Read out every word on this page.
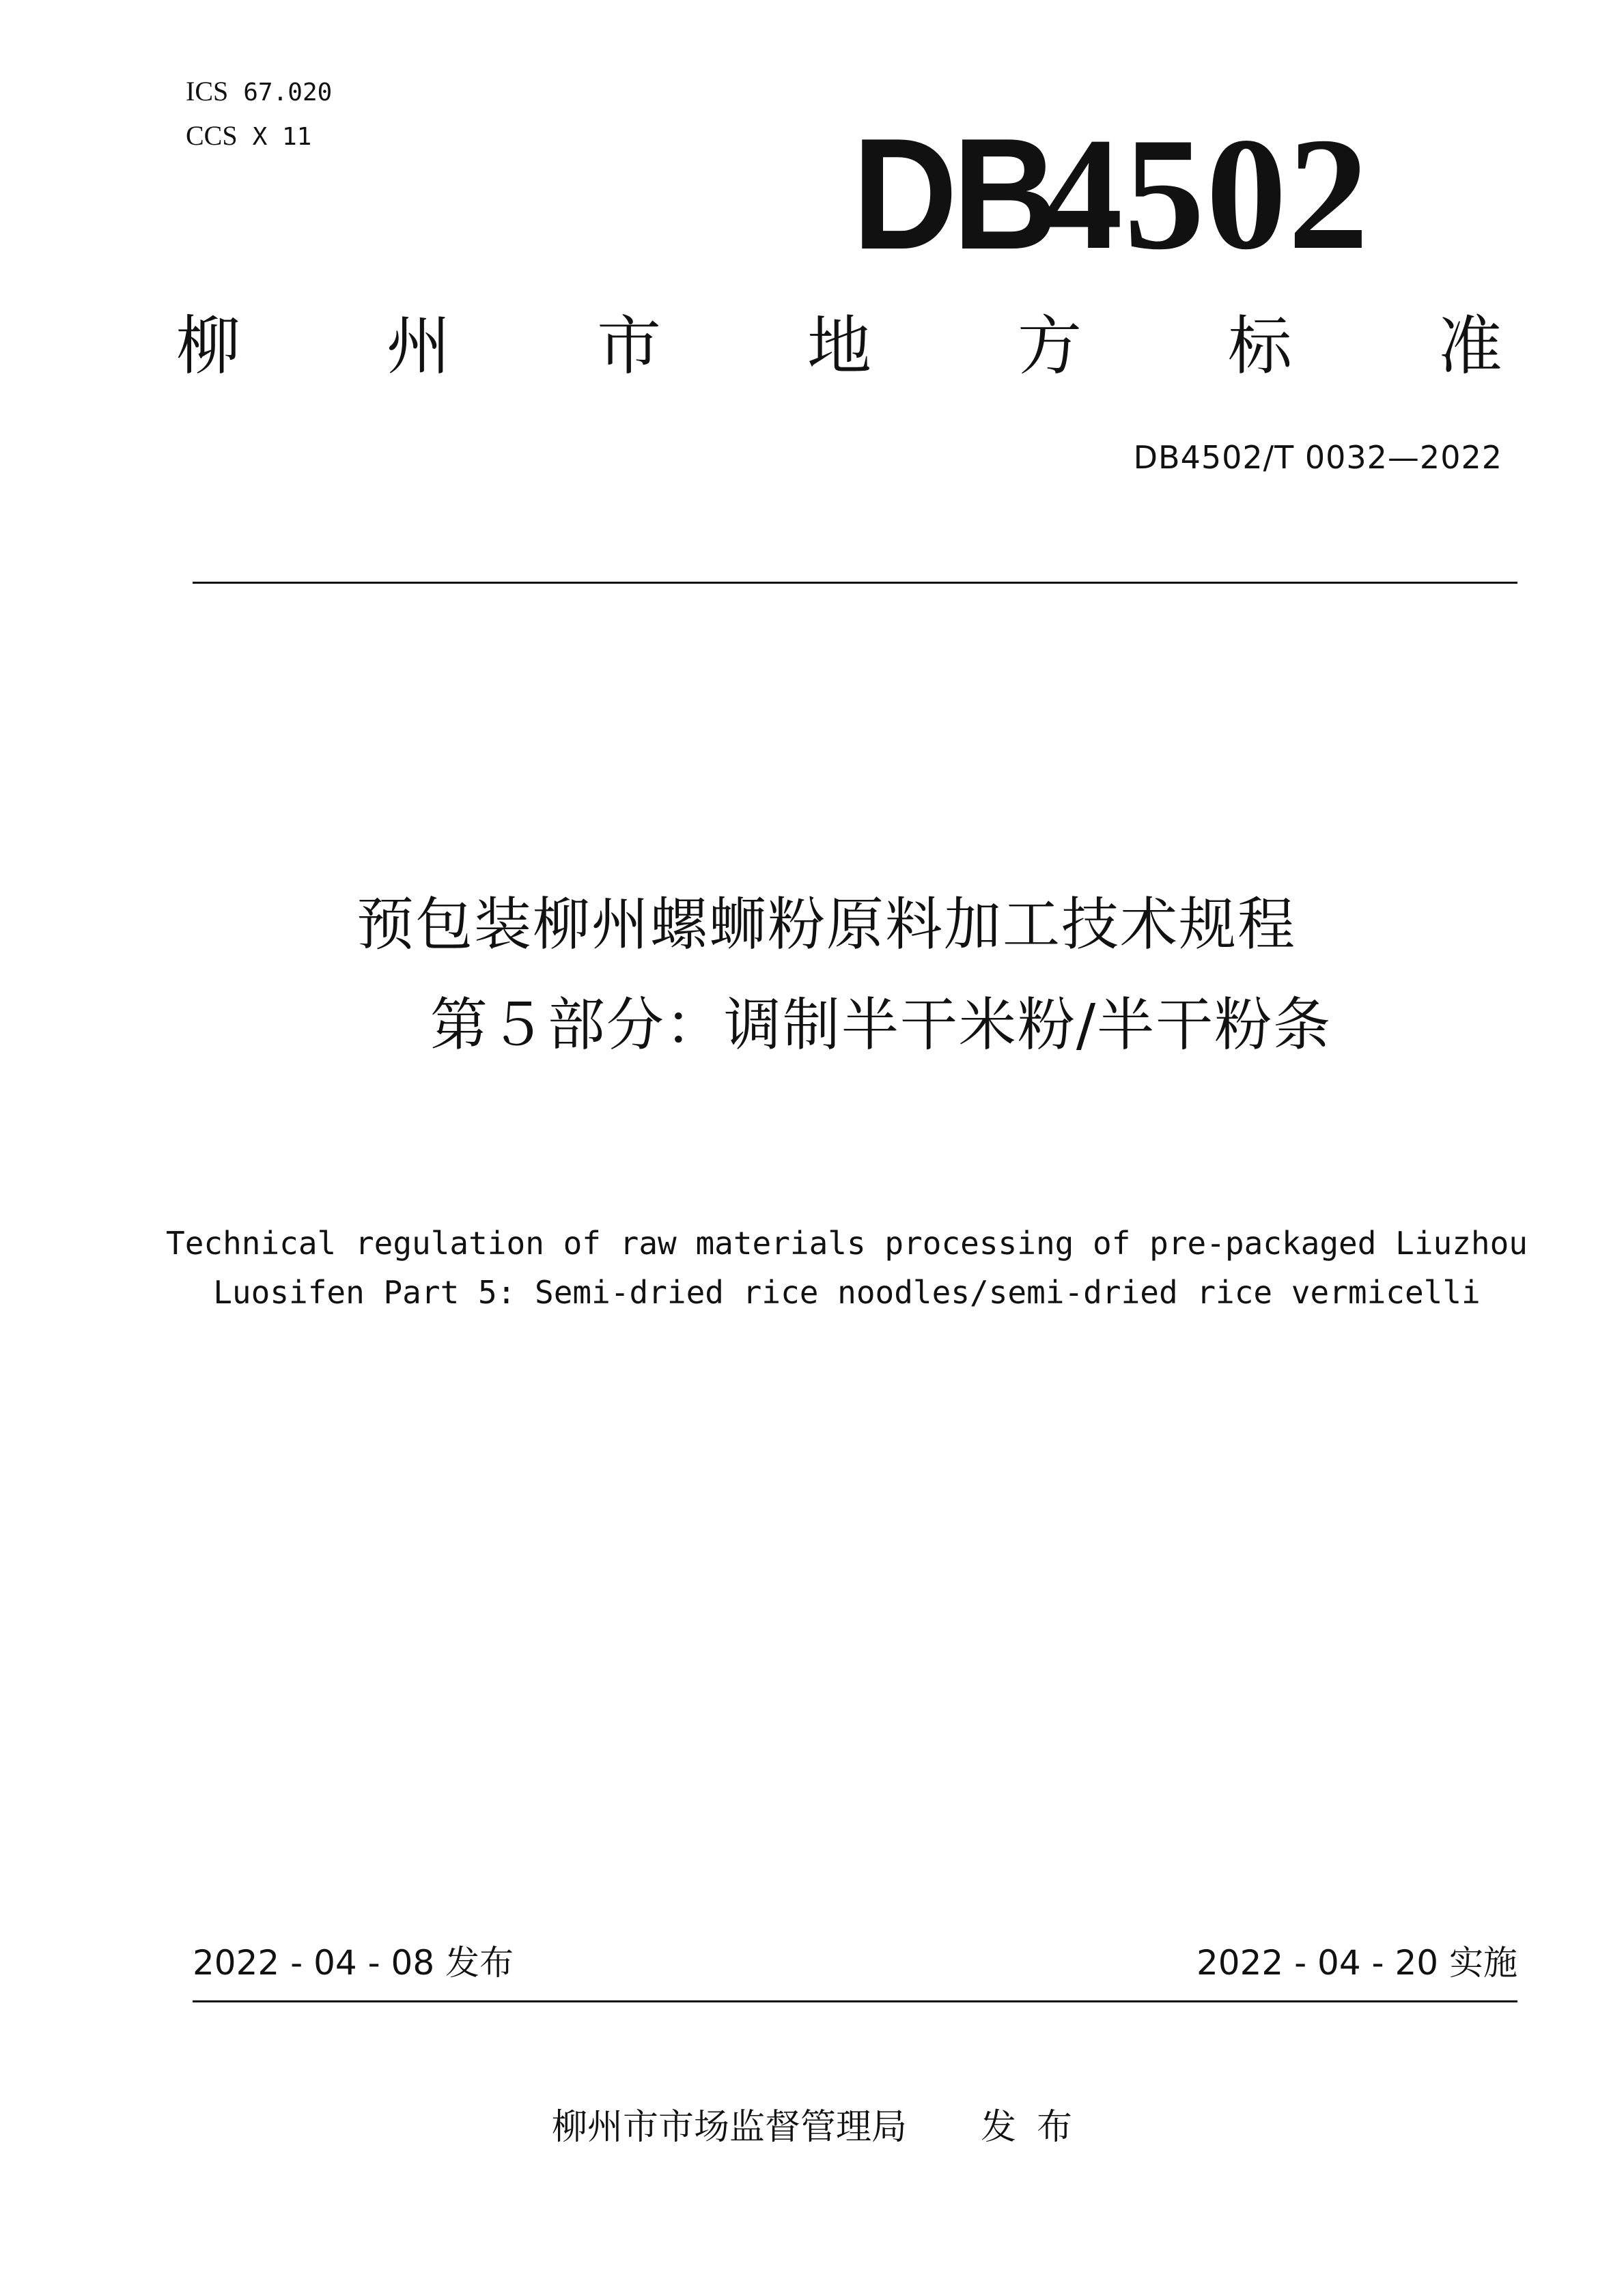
ICS 67.020
CCS X 11	DB
4502
柳 州 市 地 方 标 准
DB4502/T 0032—2022
预包装柳州螺蛳粉原料加工技术规程
第５部分：调制半干米粉/半干粉条
Technical regulation of raw materials processing of pre-packaged Liuzhou
Luosifen Part 5: Semi-dried rice noodles/semi-dried rice vermicelli
2022 - 04 - 08 发布	2022 - 04 - 20 实施
柳州市市场监督管理局 发布
